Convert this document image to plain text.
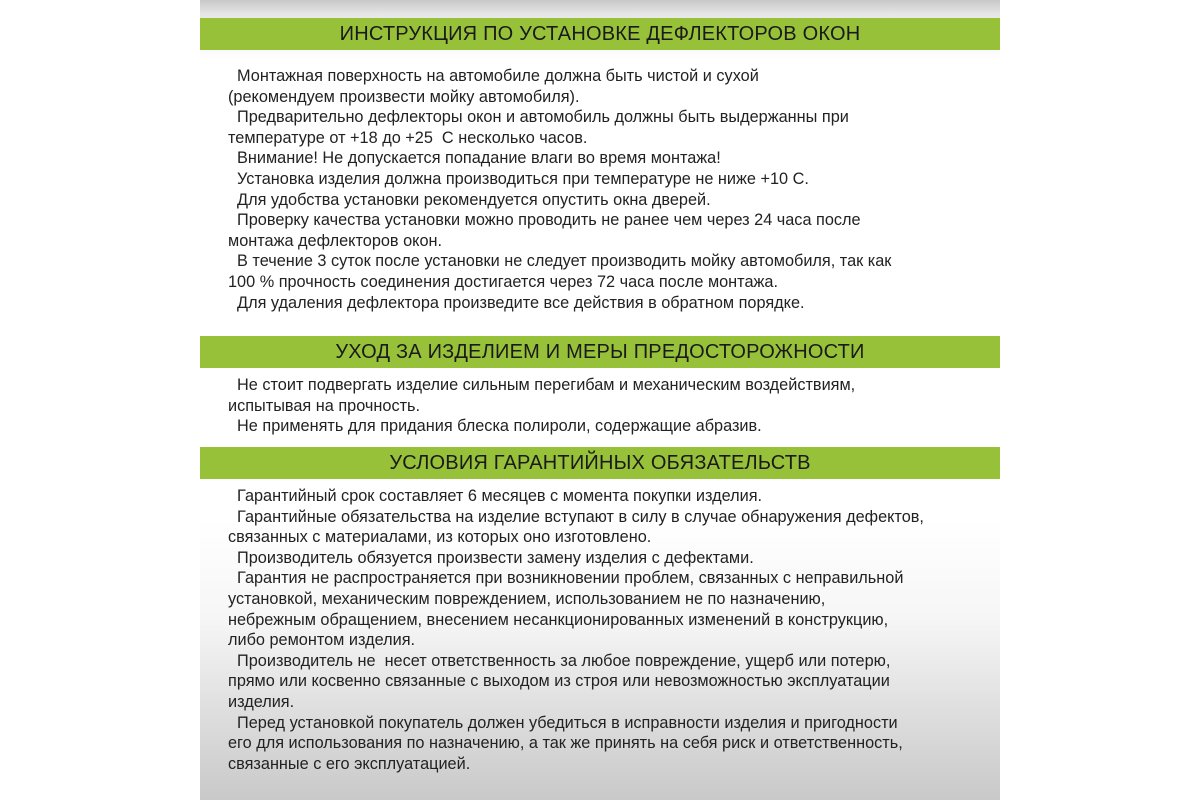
ИНСТРУКЦИЯ ПО УСТАНОВКЕ ДЕФЛЕКТОРОВ ОКОН
Монтажная поверхность на автомобиле должна быть чистой и сухой
(рекомендуем произвести мойку автомобиля).
Предварительно дефлекторы окон и автомобиль должны быть выдержанны при
температуре от +18 до +25  С несколько часов.
Внимание! Не допускается попадание влаги во время монтажа!
Установка изделия должна производиться при температуре не ниже +10 С.
Для удобства установки рекомендуется опустить окна дверей.
Проверку качества установки можно проводить не ранее чем через 24 часа после
монтажа дефлекторов окон.
В течение 3 суток после установки не следует производить мойку автомобиля, так как
100 % прочность соединения достигается через 72 часа после монтажа.
Для удаления дефлектора произведите все действия в обратном порядке.
УХОД ЗА ИЗДЕЛИЕМ И МЕРЫ ПРЕДОСТОРОЖНОСТИ
Не стоит подвергать изделие сильным перегибам и механическим воздействиям,
испытывая на прочность.
Не применять для придания блеска полироли, содержащие абразив.
УСЛОВИЯ ГАРАНТИЙНЫХ ОБЯЗАТЕЛЬСТВ
Гарантийный срок составляет 6 месяцев с момента покупки изделия.
Гарантийные обязательства на изделие вступают в силу в случае обнаружения дефектов,
связанных с материалами, из которых оно изготовлено.
Производитель обязуется произвести замену изделия с дефектами.
Гарантия не распространяется при возникновении проблем, связанных с неправильной
установкой, механическим повреждением, использованием не по назначению,
небрежным обращением, внесением несанкционированных изменений в конструкцию,
либо ремонтом изделия.
Производитель не  несет ответственность за любое повреждение, ущерб или потерю,
прямо или косвенно связанные с выходом из строя или невозможностью эксплуатации
изделия.
Перед установкой покупатель должен убедиться в исправности изделия и пригодности
его для использования по назначению, а так же принять на себя риск и ответственность,
связанные с его эксплуатацией.
